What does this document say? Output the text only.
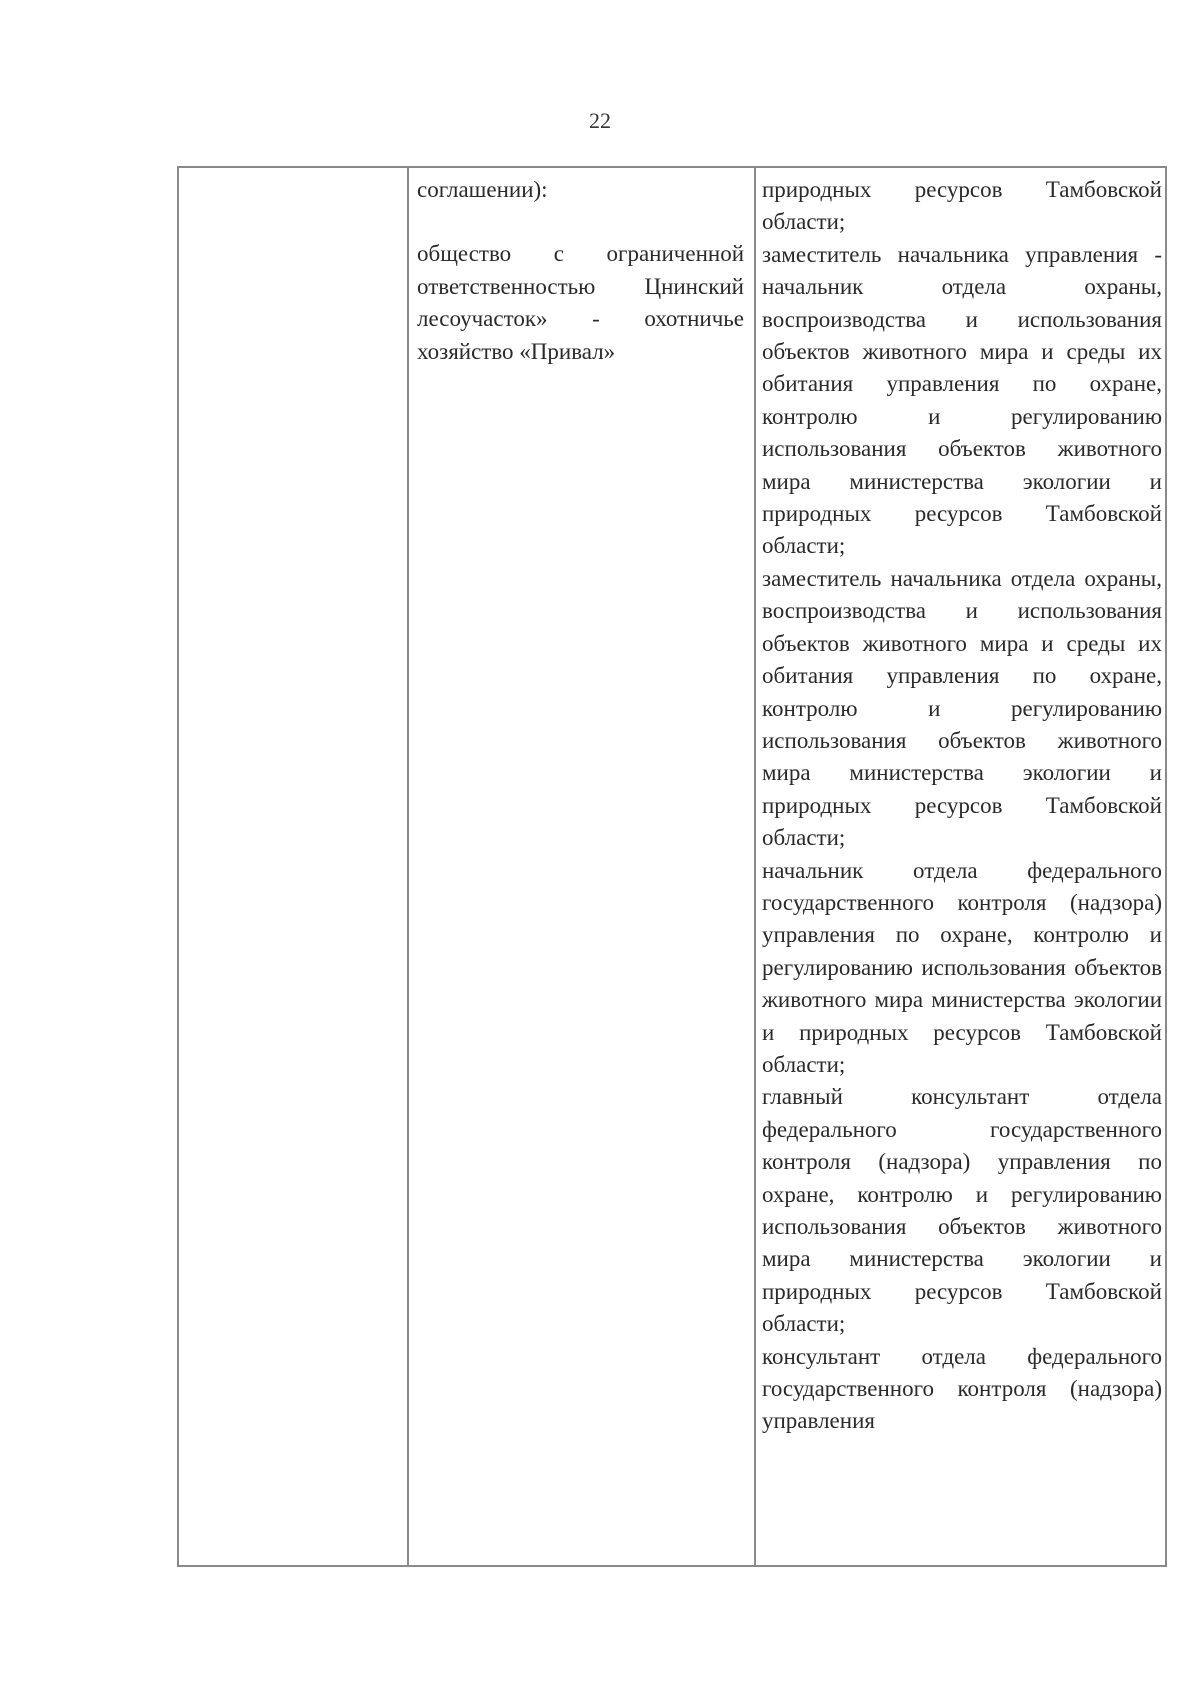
22

соглашении):

общество с ограниченной ответственностью Цнинский лесоучасток» - охотничье хозяйство «Привал»

природных ресурсов Тамбовской области;

заместитель начальника управления - начальник отдела охраны, воспроизводства и использования объектов животного мира и среды их обитания управления по охране, контролю и регулированию использования объектов животного мира министерства экологии и природных ресурсов Тамбовской области;

заместитель начальника отдела охраны, воспроизводства и использования объектов животного мира и среды их обитания управления по охране, контролю и регулированию использования объектов животного мира министерства экологии и природных ресурсов Тамбовской области;

начальник отдела федерального государственного контроля (надзора) управления по охране, контролю и регулированию использования объектов животного мира министерства экологии и природных ресурсов Тамбовской области;

главный консультант отдела федерального государственного контроля (надзора) управления по охране, контролю и регулированию использования объектов животного мира министерства экологии и природных ресурсов Тамбовской области;

консультант отдела федерального государственного контроля (надзора) управления
